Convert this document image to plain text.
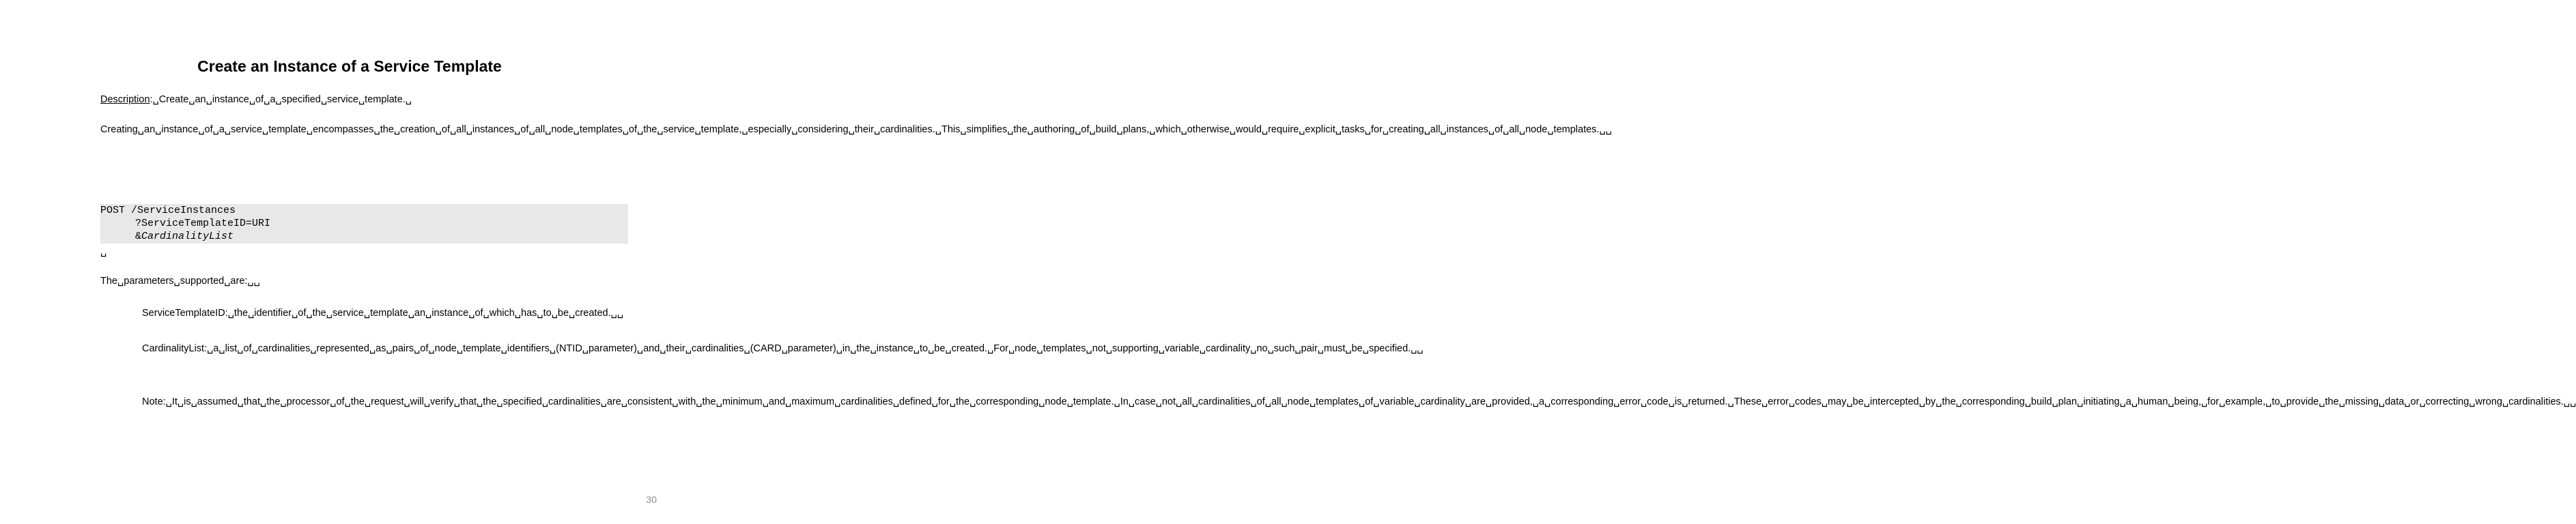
Create an Instance of a Service Template
Description:␣Create␣an␣instance␣of␣a␣specified␣service␣template.␣
Creating␣an␣instance␣of␣a␣service␣template␣encompasses␣the␣creation␣of␣all␣instances␣of␣all␣node␣templates␣of␣the␣service␣template,␣especially␣considering␣their␣cardinalities.␣This␣simplifies␣the␣authoring␣of␣build␣plans,␣which␣otherwise␣would␣require␣explicit␣tasks␣for␣creating␣all␣instances␣of␣all␣node␣templates.␣␣
POST /ServiceInstances
?ServiceTemplateID=URI
&CardinalityList
␣
The␣parameters␣supported␣are:␣␣
ServiceTemplateID:␣the␣identifier␣of␣the␣service␣template␣an␣instance␣of␣which␣has␣to␣be␣created.␣␣
CardinalityList:␣a␣list␣of␣cardinalities␣represented␣as␣pairs␣of␣node␣template␣identifiers␣(NTID␣parameter)␣and␣their␣cardinalities␣(CARD␣parameter)␣in␣the␣instance␣to␣be␣created.␣For␣node␣templates␣not␣supporting␣variable␣cardinality␣no␣such␣pair␣must␣be␣specified.␣␣
Note:␣It␣is␣assumed␣that␣the␣processor␣of␣the␣request␣will␣verify␣that␣the␣specified␣cardinalities␣are␣consistent␣with␣the␣minimum␣and␣maximum␣cardinalities␣defined␣for␣the␣corresponding␣node␣template.␣In␣case␣not␣all␣cardinalities␣of␣all␣node␣templates␣of␣variable␣cardinality␣are␣provided,␣a␣corresponding␣error␣code␣is␣returned.␣These␣error␣codes␣may␣be␣intercepted␣by␣the␣corresponding␣build␣plan␣initiating␣a␣human␣being,␣for␣example,␣to␣provide␣the␣missing␣data␣or␣correcting␣wrong␣cardinalities.␣␣
30
